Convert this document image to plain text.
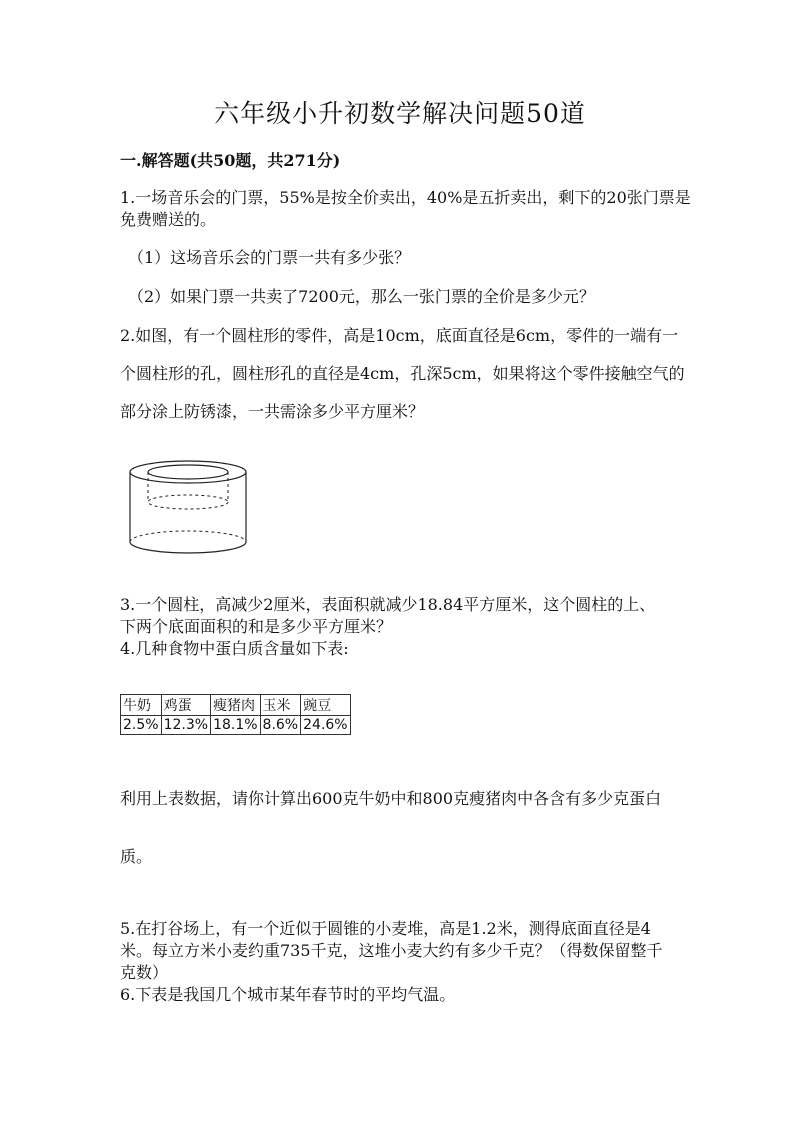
六年级小升初数学解决问题50道
一.解答题(共50题，共271分)
1.一场音乐会的门票，55%是按全价卖出，40%是五折卖出，剩下的20张门票是
免费赠送的。
（1）这场音乐会的门票一共有多少张？
（2）如果门票一共卖了7200元，那么一张门票的全价是多少元？
2.如图，有一个圆柱形的零件，高是10cm，底面直径是6cm，零件的一端有一
个圆柱形的孔，圆柱形孔的直径是4cm，孔深5cm，如果将这个零件接触空气的
部分涂上防锈漆，一共需涂多少平方厘米？
3.一个圆柱，高减少2厘米，表面积就减少18.84平方厘米，这个圆柱的上、
下两个底面面积的和是多少平方厘米？
4.几种食物中蛋白质含量如下表:
牛奶	鸡蛋	瘦猪肉	玉米	豌豆
2.5%	12.3%	18.1%	8.6%	24.6%
利用上表数据，请你计算出600克牛奶中和800克瘦猪肉中各含有多少克蛋白
质。
5.在打谷场上，有一个近似于圆锥的小麦堆，高是1.2米，测得底面直径是4
米。每立方米小麦约重735千克，这堆小麦大约有多少千克？（得数保留整千
克数）
6.下表是我国几个城市某年春节时的平均气温。
